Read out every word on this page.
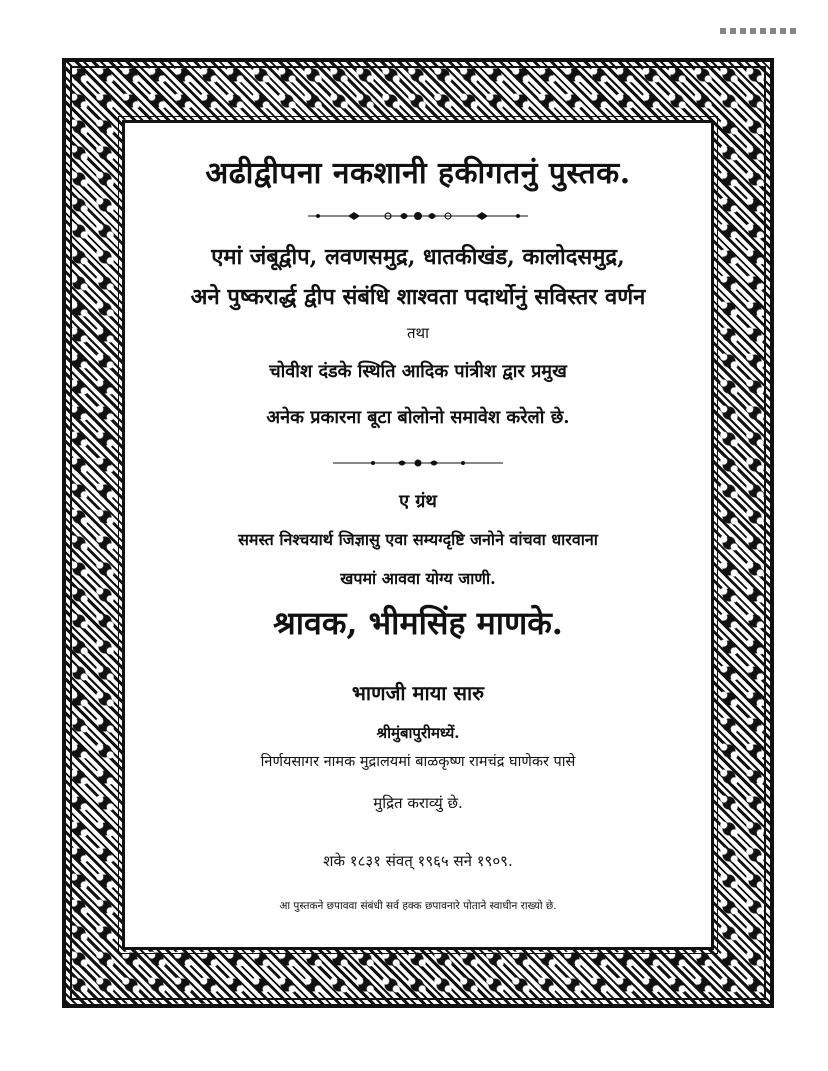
अढीद्वीपना नकशानी हकीगतनुं पुस्तक.
एमां जंबूद्वीप, लवणसमुद्र, धातकीखंड, कालोदसमुद्र,
अने पुष्करार्द्ध द्वीप संबंधि शाश्वता पदार्थोनुं सविस्तर वर्णन
तथा
चोवीश दंडके स्थिति आदिक पांत्रीश द्वार प्रमुख
अनेक प्रकारना बूटा बोलोनो समावेश करेलो छे.
ए ग्रंथ
समस्त निश्चयार्थ जिज्ञासु एवा सम्यग्दृष्टि जनोने वांचवा धारवाना
खपमां आववा योग्य जाणी.
श्रावक, भीमसिंह माणके.
भाणजी माया सारु
श्रीमुंबापुरीमध्यें.
निर्णयसागर नामक मुद्रालयमां बाळकृष्ण रामचंद्र घाणेकर पासे
मुद्रित कराव्युं छे.
शके १८३१ संवत् १९६५ सने १९०९.
आ पुस्तकने छपाववा संबंधी सर्व हक्क छपावनारे पोताने स्वाधीन राख्यो छे.
